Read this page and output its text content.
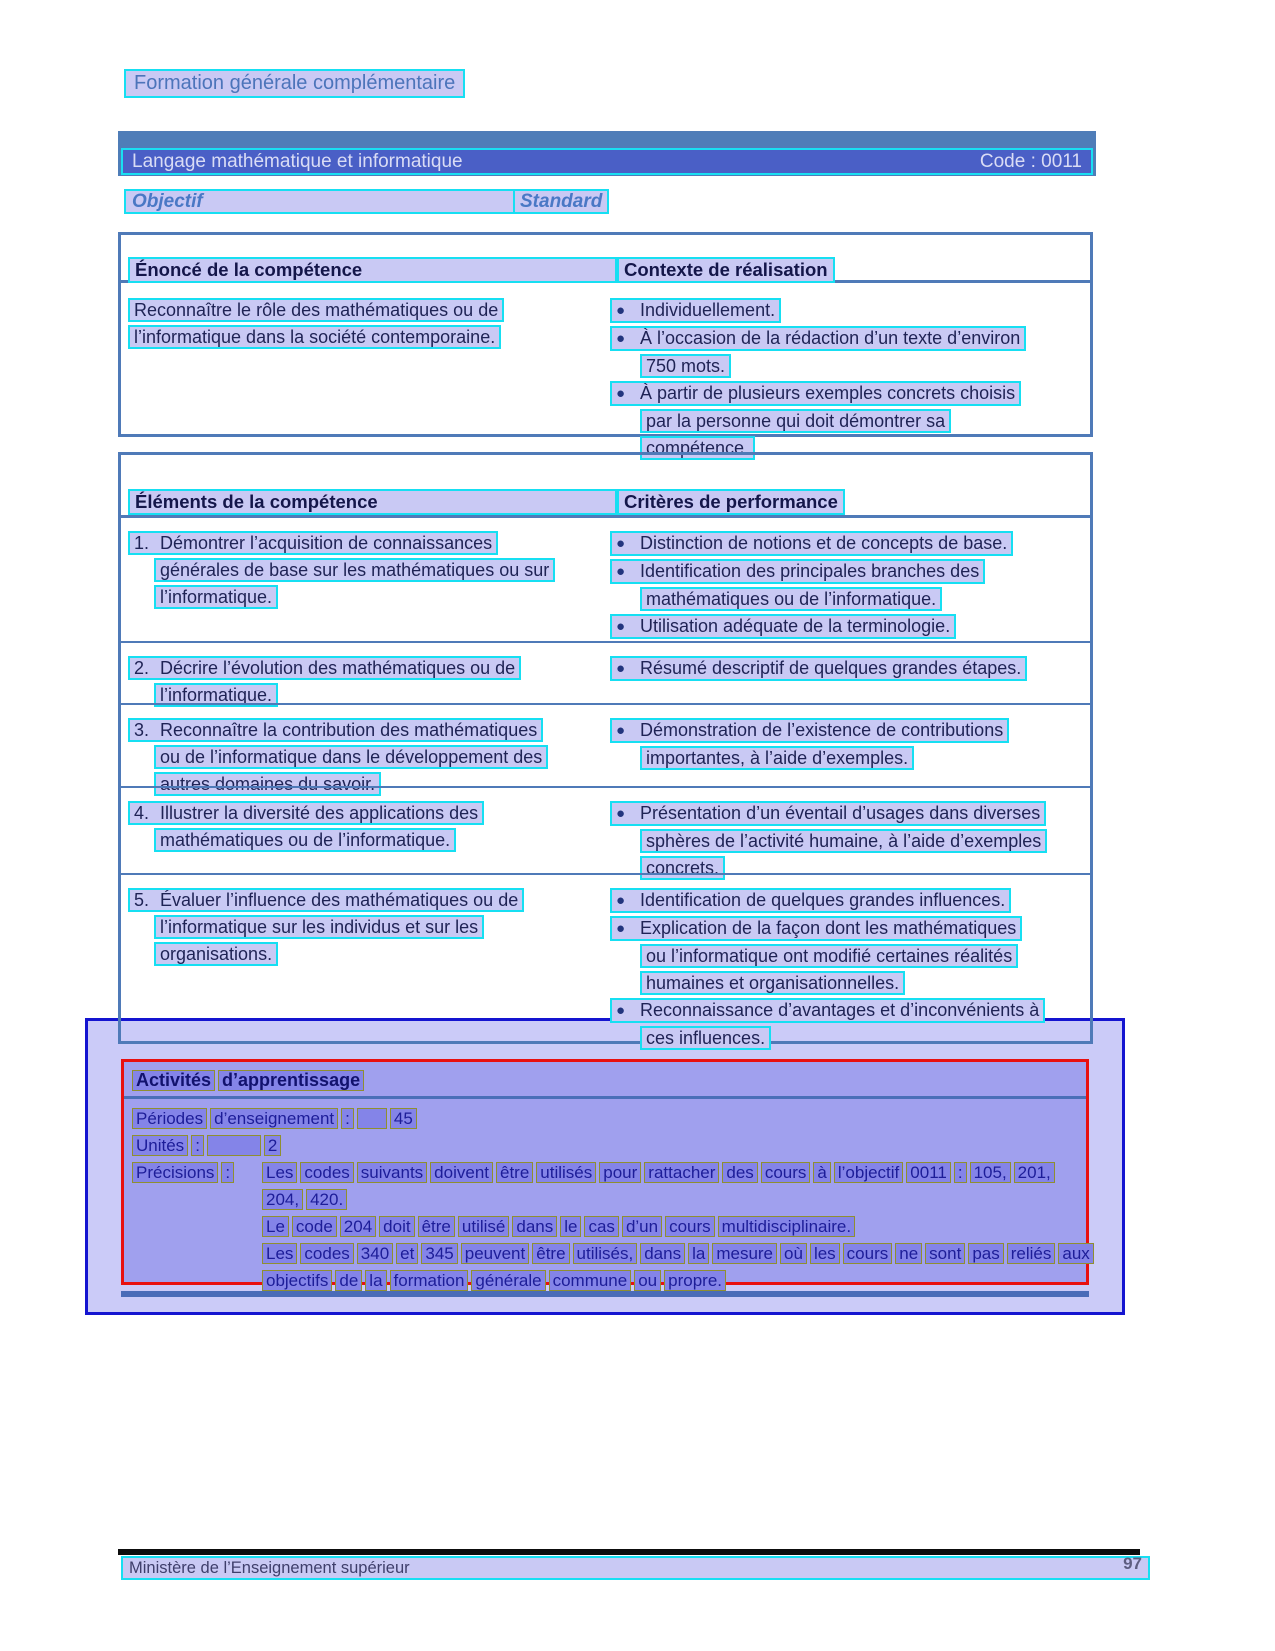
Formation générale complémentaire
Langage mathématique et informatique	Code : 0011
Objectif	Standard
Énoncé de la compétence	Contexte de réalisation
Reconnaître le rôle des mathématiques ou de
l’informatique dans la société contemporaine.
● Individuellement.
● À l’occasion de la rédaction d’un texte d’environ
750 mots.
● À partir de plusieurs exemples concrets choisis
par la personne qui doit démontrer sa
compétence.
Éléments de la compétence	Critères de performance
1. Démontrer l’acquisition de connaissances
générales de base sur les mathématiques ou sur
l’informatique.
● Distinction de notions et de concepts de base.
● Identification des principales branches des
mathématiques ou de l’informatique.
● Utilisation adéquate de la terminologie.
2. Décrire l’évolution des mathématiques ou de
l’informatique.
● Résumé descriptif de quelques grandes étapes.
3. Reconnaître la contribution des mathématiques
ou de l’informatique dans le développement des
autres domaines du savoir.
● Démonstration de l’existence de contributions
importantes, à l’aide d’exemples.
4. Illustrer la diversité des applications des
mathématiques ou de l’informatique.
● Présentation d’un éventail d’usages dans diverses
sphères de l’activité humaine, à l’aide d’exemples
concrets.
5. Évaluer l’influence des mathématiques ou de
l’informatique sur les individus et sur les
organisations.
● Identification de quelques grandes influences.
● Explication de la façon dont les mathématiques
ou l’informatique ont modifié certaines réalités
humaines et organisationnelles.
● Reconnaissance d’avantages et d’inconvénients à
ces influences.
Activités d’apprentissage
Périodes d’enseignement :	45
Unités :	2
Précisions :	Les codes suivants doivent être utilisés pour rattacher des cours à l’objectif 0011 : 105, 201,
204, 420.
Le code 204 doit être utilisé dans le cas d’un cours multidisciplinaire.
Les codes 340 et 345 peuvent être utilisés, dans la mesure où les cours ne sont pas reliés aux
objectifs de la formation générale commune ou propre.
Ministère de l’Enseignement supérieur	97
